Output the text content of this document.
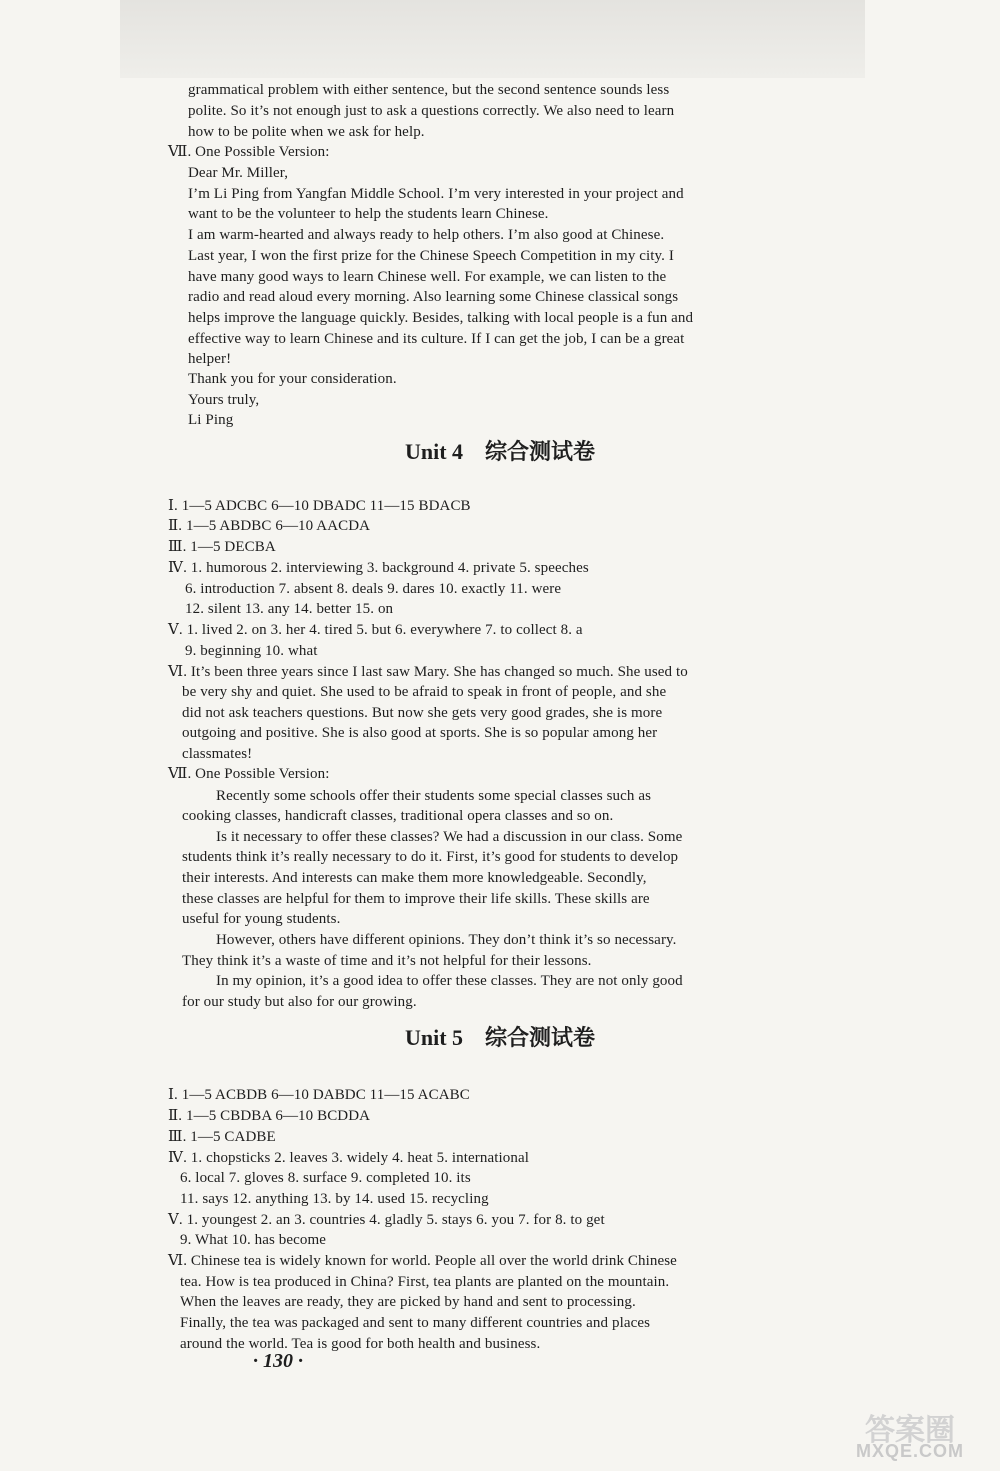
grammatical problem with either sentence, but the second sentence sounds less
polite. So it’s not enough just to ask a questions correctly. We also need to learn
how to be polite when we ask for help.
Ⅶ. One Possible Version:
Dear Mr. Miller,
I’m Li Ping from Yangfan Middle School. I’m very interested in your project and
want to be the volunteer to help the students learn Chinese.
I am warm-hearted and always ready to help others. I’m also good at Chinese.
Last year, I won the first prize for the Chinese Speech Competition in my city. I
have many good ways to learn Chinese well. For example, we can listen to the
radio and read aloud every morning. Also learning some Chinese classical songs
helps improve the language quickly. Besides, talking with local people is a fun and
effective way to learn Chinese and its culture. If I can get the job, I can be a great
helper!
Thank you for your consideration.
Yours truly,
Li Ping
Unit 4 综合测试卷
Ⅰ. 1—5 ADCBC 6—10 DBADC 11—15 BDACB
Ⅱ. 1—5 ABDBC 6—10 AACDA
Ⅲ. 1—5 DECBA
Ⅳ. 1. humorous 2. interviewing 3. background 4. private 5. speeches
6. introduction 7. absent 8. deals 9. dares 10. exactly 11. were
12. silent 13. any 14. better 15. on
Ⅴ. 1. lived 2. on 3. her 4. tired 5. but 6. everywhere 7. to collect 8. a
9. beginning 10. what
Ⅵ. It’s been three years since I last saw Mary. She has changed so much. She used to
be very shy and quiet. She used to be afraid to speak in front of people, and she
did not ask teachers questions. But now she gets very good grades, she is more
outgoing and positive. She is also good at sports. She is so popular among her
classmates!
Ⅶ. One Possible Version:
Recently some schools offer their students some special classes such as
cooking classes, handicraft classes, traditional opera classes and so on.
Is it necessary to offer these classes? We had a discussion in our class. Some
students think it’s really necessary to do it. First, it’s good for students to develop
their interests. And interests can make them more knowledgeable. Secondly,
these classes are helpful for them to improve their life skills. These skills are
useful for young students.
However, others have different opinions. They don’t think it’s so necessary.
They think it’s a waste of time and it’s not helpful for their lessons.
In my opinion, it’s a good idea to offer these classes. They are not only good
for our study but also for our growing.
Unit 5 综合测试卷
Ⅰ. 1—5 ACBDB 6—10 DABDC 11—15 ACABC
Ⅱ. 1—5 CBDBA 6—10 BCDDA
Ⅲ. 1—5 CADBE
Ⅳ. 1. chopsticks 2. leaves 3. widely 4. heat 5. international
6. local 7. gloves 8. surface 9. completed 10. its
11. says 12. anything 13. by 14. used 15. recycling
Ⅴ. 1. youngest 2. an 3. countries 4. gladly 5. stays 6. you 7. for 8. to get
9. What 10. has become
Ⅵ. Chinese tea is widely known for world. People all over the world drink Chinese
tea. How is tea produced in China? First, tea plants are planted on the mountain.
When the leaves are ready, they are picked by hand and sent to processing.
Finally, the tea was packaged and sent to many different countries and places
around the world. Tea is good for both health and business.
· 130 ·
答案圈
MXQE.COM
